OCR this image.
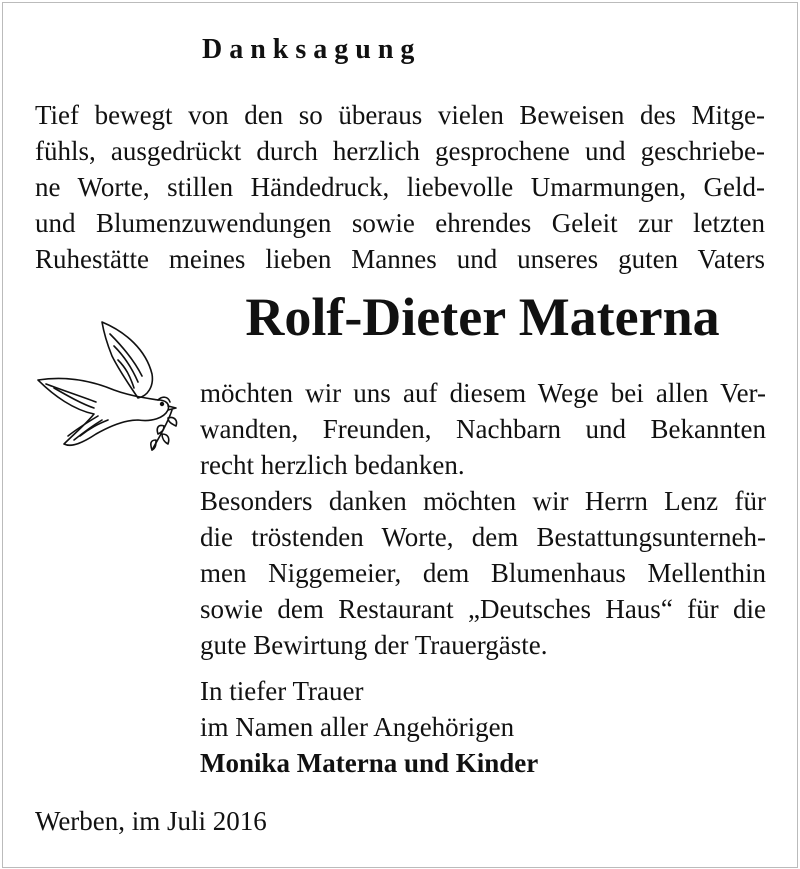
Danksagung
Tief bewegt von den so überaus vielen Beweisen des Mitge-
fühls, ausgedrückt durch herzlich gesprochene und geschriebe-
ne Worte, stillen Händedruck, liebevolle Umarmungen, Geld-
und Blumenzuwendungen sowie ehrendes Geleit zur letzten
Ruhestätte meines lieben Mannes und unseres guten Vaters
Rolf-Dieter Materna
möchten wir uns auf diesem Wege bei allen Ver-
wandten, Freunden, Nachbarn und Bekannten
recht herzlich bedanken.
Besonders danken möchten wir Herrn Lenz für
die tröstenden Worte, dem Bestattungsunterneh-
men Niggemeier, dem Blumenhaus Mellenthin
sowie dem Restaurant „Deutsches Haus“ für die
gute Bewirtung der Trauergäste.
In tiefer Trauer
im Namen aller Angehörigen
Monika Materna und Kinder
Werben, im Juli 2016
